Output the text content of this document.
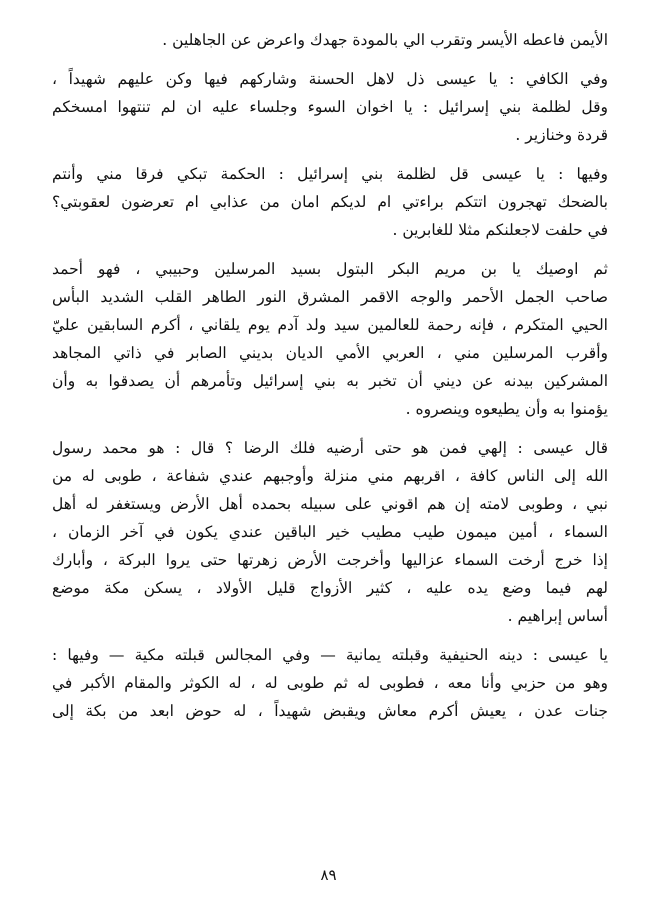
الأيمن فاعطه الأيسر وتقرب الي بالمودة جهدك واعرض عن الجاهلين .
وفي الكافي : يا عيسى ذل لاهل الحسنة وشاركهم فيها وكن عليهم شهيداً ،
وقل لظلمة بني إسرائيل : يا اخوان السوء وجلساء عليه ان لم تنتهوا امسخكم
قردة وخنازير .
وفيها : يا عيسى قل لظلمة بني إسرائيل : الحكمة تبكي فرقا مني وأنتم
بالضحك تهجرون اتتكم براءتي ام لديكم امان من عذابي ام تعرضون لعقوبتي؟
في حلفت لاجعلنكم مثلا للغابرين .
ثم اوصيك يا بن مريم البكر البتول بسيد المرسلين وحبيبي ، فهو أحمد
صاحب الجمل الأحمر والوجه الاقمر المشرق النور الطاهر القلب الشديد البأس
الحيي المتكرم ، فإنه رحمة للعالمين سيد ولد آدم يوم يلقاني ، أكرم السابقين عليّ
وأقرب المرسلين مني ، العربي الأمي الديان بديني الصابر في ذاتي المجاهد
المشركين بيدنه عن ديني أن تخبر به بني إسرائيل وتأمرهم أن يصدقوا به وأن
يؤمنوا به وأن يطيعوه وينصروه .
قال عيسى : إلهي فمن هو حتى أرضيه فلك الرضا ؟ قال : هو محمد رسول
الله إلى الناس كافة ، اقربهم مني منزلة وأوجبهم عندي شفاعة ، طوبى له من
نبي ، وطوبى لامته إن هم اقوني على سبيله بحمده أهل الأرض ويستغفر له أهل
السماء ، أمين ميمون طيب مطيب خير الباقين عندي يكون في آخر الزمان ،
إذا خرج أرخت السماء عزاليها وأخرجت الأرض زهرتها حتى يروا البركة ، وأبارك
لهم فيما وضع يده عليه ، كثير الأزواج قليل الأولاد ، يسكن مكة موضع
أساس إبراهيم .
يا عيسى : دينه الحنيفية وقبلته يمانية — وفي المجالس قبلته مكية — وفيها :
وهو من حزبي وأنا معه ، فطوبى له ثم طوبى له ، له الكوثر والمقام الأكبر في
جنات عدن ، يعيش أكرم معاش ويقبض شهيداً ، له حوض ابعد من بكة إلى
٨٩
